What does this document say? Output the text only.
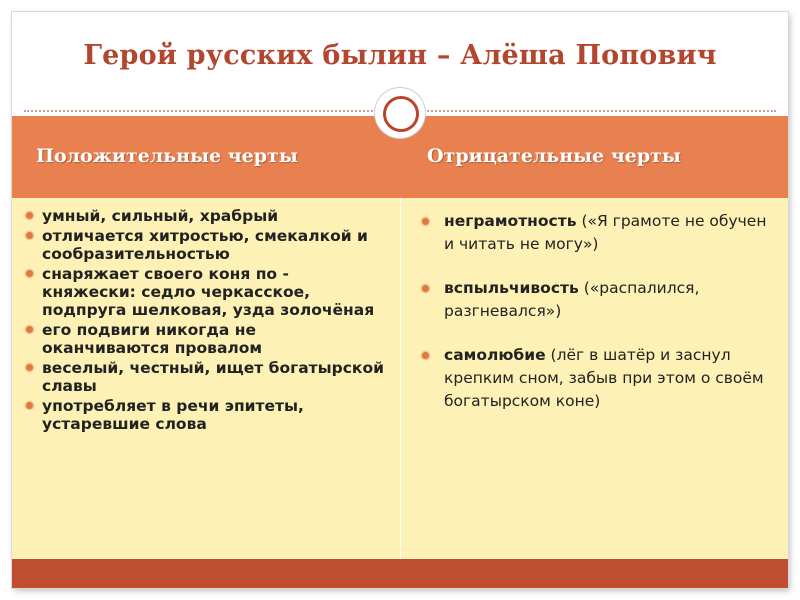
Герой русских былин – Алёша Попович
Положительные черты	Отрицательные черты
умный, сильный, храбрый
отличается хитростью, смекалкой и сообразительностью
снаряжает своего коня по - княжески: седло черкасское, подпруга шелковая, узда золочёная
его подвиги никогда не оканчиваются провалом
веселый, честный, ищет богатырской славы
употребляет в речи эпитеты, устаревшие слова
неграмотность («Я грамоте не обучен и читать не могу»)
вспыльчивость («распалился, разгневался»)
самолюбие (лёг в шатёр и заснул крепким сном, забыв при этом о своём богатырском коне)
